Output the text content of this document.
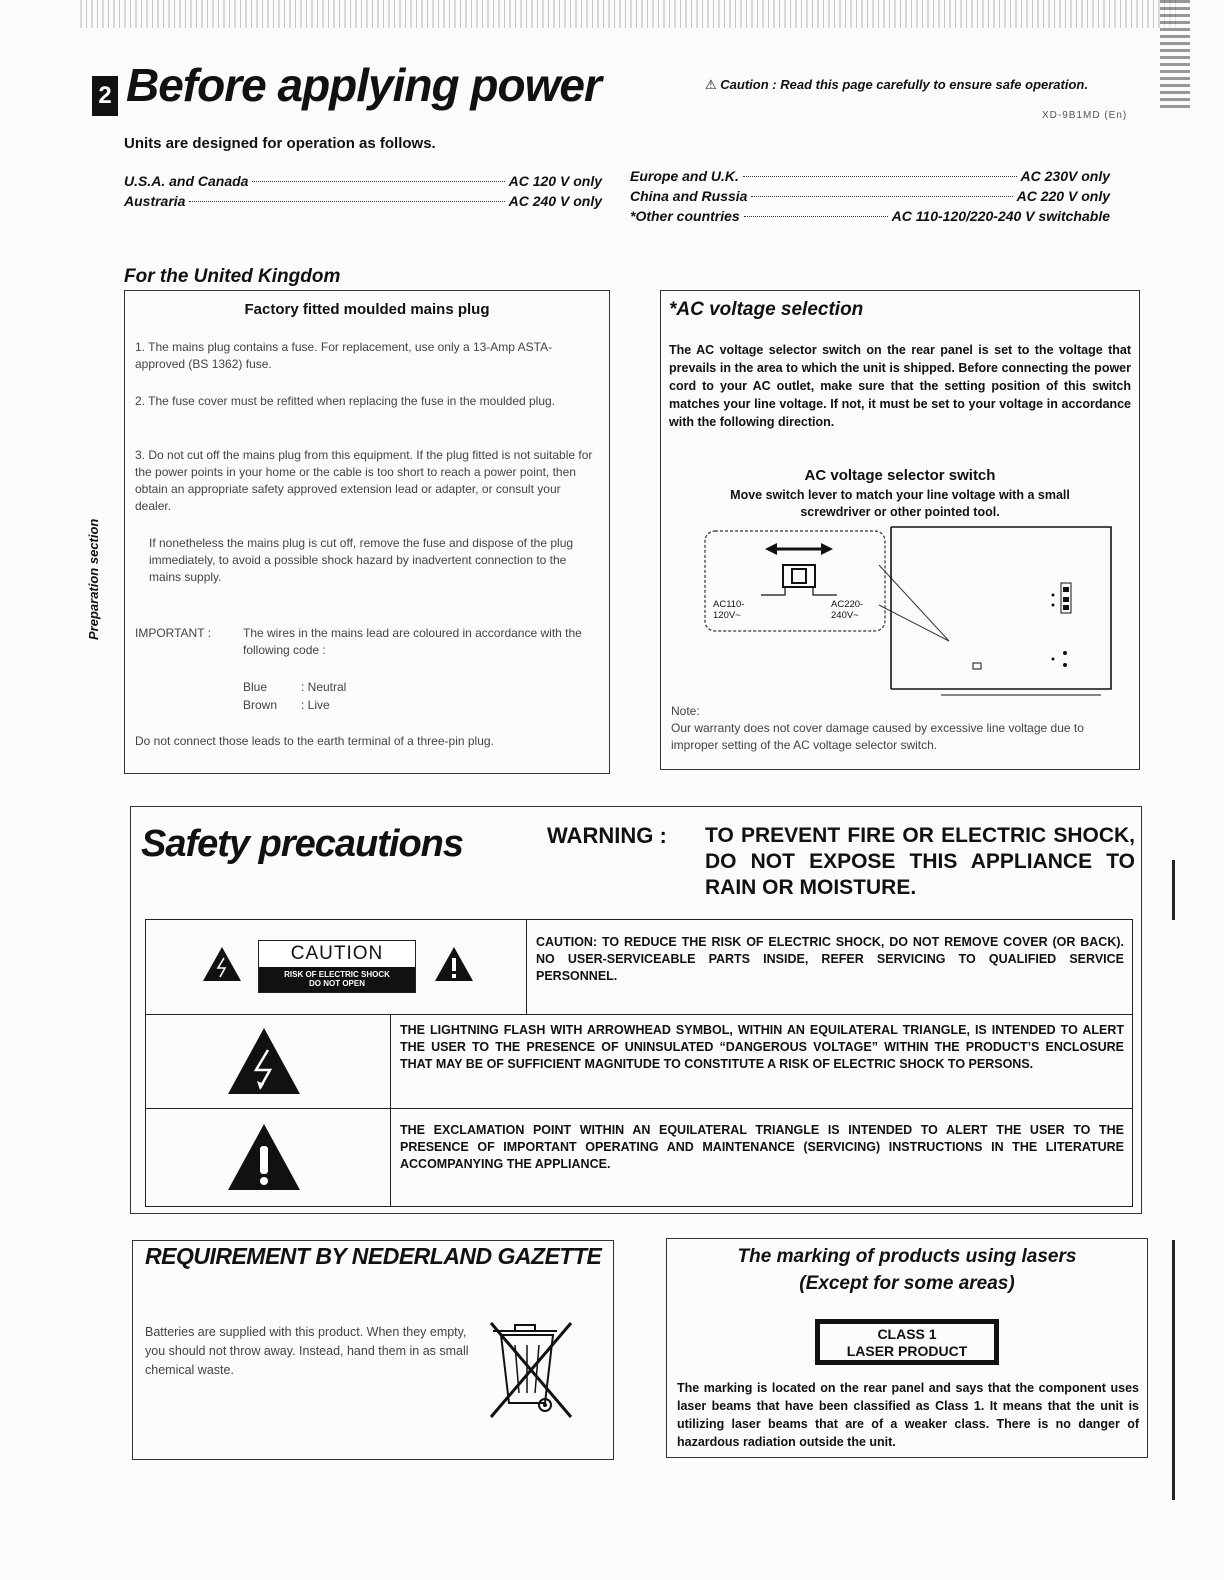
2 Before applying power	⚠ Caution : Read this page carefully to ensure safe operation.
XD-9B1MD (En)
Units are designed for operation as follows.
U.S.A. and Canada	AC 120 V only
Austraria	AC 240 V only
Europe and U.K.	AC 230V only
China and Russia	AC 220 V only
*Other countries	AC 110-120/220-240 V switchable
Preparation section
For the United Kingdom
Factory fitted moulded mains plug
1. The mains plug contains a fuse. For replacement, use only a 13-Amp ASTA-approved (BS 1362) fuse.
2. The fuse cover must be refitted when replacing the fuse in the moulded plug.
3. Do not cut off the mains plug from this equipment. If the plug fitted is not suitable for the power points in your home or the cable is too short to reach a power point, then obtain an appropriate safety approved extension lead or adapter, or consult your dealer.
If nonetheless the mains plug is cut off, remove the fuse and dispose of the plug immediately, to avoid a possible shock hazard by inadvertent connection to the mains supply.
IMPORTANT :	The wires in the mains lead are coloured in accordance with the following code :
Blue	: Neutral
Brown : Live
Do not connect those leads to the earth terminal of a three-pin plug.
*AC voltage selection
The AC voltage selector switch on the rear panel is set to the voltage that prevails in the area to which the unit is shipped. Before connecting the power cord to your AC outlet, make sure that the setting position of this switch matches your line voltage. If not, it must be set to your voltage in accordance with the following direction.
AC voltage selector switch
Move switch lever to match your line voltage with a small screwdriver or other pointed tool.
AC110-
120V~
AC220-
240V~
Note:
Our warranty does not cover damage caused by excessive line voltage due to improper setting of the AC voltage selector switch.
Safety precautions	WARNING : TO PREVENT FIRE OR ELECTRIC SHOCK, DO NOT EXPOSE THIS APPLIANCE TO RAIN OR MOISTURE.
CAUTION
RISK OF ELECTRIC SHOCK
DO NOT OPEN
CAUTION: TO REDUCE THE RISK OF ELECTRIC SHOCK, DO NOT REMOVE COVER (OR BACK). NO USER-SERVICEABLE PARTS INSIDE, REFER SERVICING TO QUALIFIED SERVICE PERSONNEL.
THE LIGHTNING FLASH WITH ARROWHEAD SYMBOL, WITHIN AN EQUILATERAL TRIANGLE, IS INTENDED TO ALERT THE USER TO THE PRESENCE OF UNINSULATED “DANGEROUS VOLTAGE” WITHIN THE PRODUCT’S ENCLOSURE THAT MAY BE OF SUFFICIENT MAGNITUDE TO CONSTITUTE A RISK OF ELECTRIC SHOCK TO PERSONS.
THE EXCLAMATION POINT WITHIN AN EQUILATERAL TRIANGLE IS INTENDED TO ALERT THE USER TO THE PRESENCE OF IMPORTANT OPERATING AND MAINTENANCE (SERVICING) INSTRUCTIONS IN THE LITERATURE ACCOMPANYING THE APPLIANCE.
REQUIREMENT BY NEDERLAND GAZETTE
Batteries are supplied with this product. When they empty, you should not throw away. Instead, hand them in as small chemical waste.
The marking of products using lasers
(Except for some areas)
CLASS 1
LASER PRODUCT
The marking is located on the rear panel and says that the component uses laser beams that have been classified as Class 1. It means that the unit is utilizing laser beams that are of a weaker class. There is no danger of hazardous radiation outside the unit.
